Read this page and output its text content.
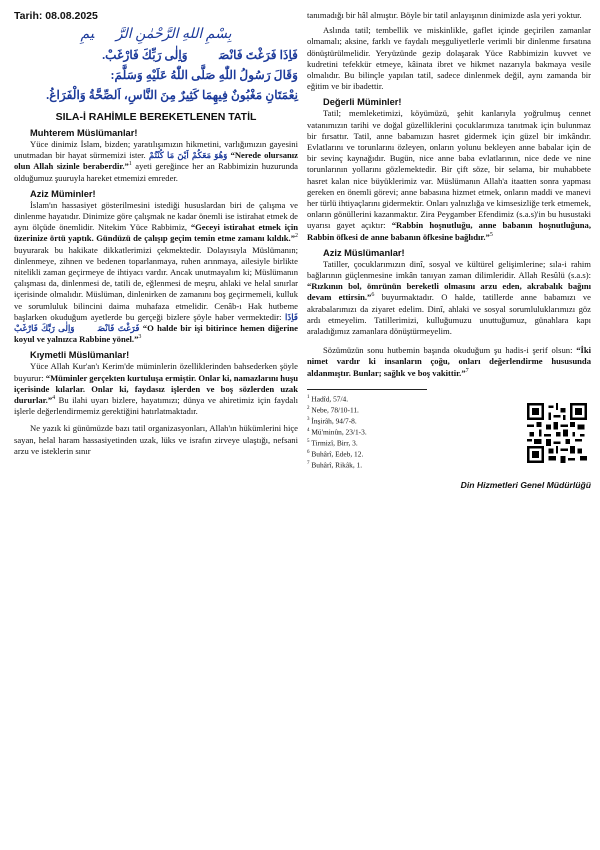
Tarih: 08.08.2025
بِسْمِ اللهِ الرَّحْمٰنِ الرَّح۪يمِ

فَاِذَا فَرَغْتَ فَانْصَبْۙ وَاِلٰى رَبِّكَ فَارْغَبْ.

وَقَالَ رَسُولُ اللّٰهِ صَلَّى اللّٰهُ عَلَيْهِ وَسَلَّمَ:

نِعْمَتَانِ مَغْبُونٌ فِيهِمَا كَثِيرٌ مِنَ النَّاسِ، اَلصِّحَّةُ وَالْفَرَاغُ.

SILA-İ RAHİMLE BEREKETLENEN TATİL
Muhterem Müslümanlar!

Yüce dinimiz İslam, bizden; yaratılışımızın hikmetini, varlığımızın gayesini unutmadan bir hayat sürmemizi ister. وَهُوَ مَعَكُمْ اَيْنَ مَا كُنْتُمْ “Nerede olursanız olun Allah sizinle beraberdir.”$^1$ ayeti gereğince her an Rabbimizin huzurunda olduğumuz şuuruyla hareket etmemizi emreder.

Aziz Müminler!

İslam'ın hassasiyet gösterilmesini istediği hususlardan biri de çalışma ve dinlenme hayatıdır. Dinimize göre çalışmak ne kadar önemli ise istirahat etmek de aynı ölçüde önemlidir. Nitekim Yüce Rabbimiz, “Geceyi istirahat etmek için üzerinize örtü yaptık. Gündüzü de çalışıp geçim temin etme zamanı kıldık.”$^2$ buyurarak bu hakikate dikkatlerimizi çekmektedir. Dolayısıyla Müslümanın; dinlenmeye, zihnen ve bedenen toparlanmaya, ruhen arınmaya, ailesiyle birlikte nitelikli zaman geçirmeye de ihtiyacı vardır. Ancak unutmayalım ki; Müslümanın çalışması da, dinlenmesi de, tatili de, eğlenmesi de meşru, ahlaki ve helal sınırlar içerisinde olmalıdır. Müslüman, dinlenirken de zamanını boş geçirmemeli, kulluk ve sorumluluk bilincini daima muhafaza etmelidir. Cenâb-ı Hak hutbeme başlarken okuduğum ayetlerde bu gerçeği bizlere şöyle haber vermektedir: فَاِذَا فَرَغْتَ فَانْصَبْۙ وَاِلٰى رَبِّكَ فَارْغَبْ “O halde bir işi bitirince hemen diğerine koyul ve yalnızca Rabbine yönel.”$^3$

Kıymetli Müslümanlar!

Yüce Allah Kur'an'ı Kerim'de müminlerin özelliklerinden bahsederken şöyle buyurur: “Müminler gerçekten kurtuluşa ermiştir. Onlar ki, namazlarını huşu içerisinde kılarlar. Onlar ki, faydasız işlerden ve boş sözlerden uzak dururlar.”$^4$ Bu ilahi uyarı bizlere, hayatımızı; dünya ve ahiretimiz için faydalı işlerle değerlendirmemiz gerektiğini hatırlatmaktadır.

Ne yazık ki günümüzde bazı tatil organizasyonları, Allah'ın hükümlerini hiçe sayan, helal haram hassasiyetinden uzak, lüks ve israfın zirveye ulaştığı, nefsani arzu ve isteklerin sınır

tanımadığı bir hâl almıştır. Böyle bir tatil anlayışının dinimizde asla yeri yoktur.

Aslında tatil; tembellik ve miskinlikle, gaflet içinde geçirilen zamanlar olmamalı; aksine, farklı ve faydalı meşguliyetlerle verimli bir dinlenme fırsatına dönüştürülmelidir. Yeryüzünde gezip dolaşarak Yüce Rabbimizin kuvvet ve kudretini tefekkür etmeye, kâinata ibret ve hikmet nazarıyla bakmaya vesile olmalıdır. Bu bilinçle yapılan tatil, sadece dinlenmek değil, aynı zamanda bir eğitim ve bir ibadettir.

Değerli Müminler!

Tatil; memleketimizi, köyümüzü, şehit kanlarıyla yoğrulmuş cennet vatanımızın tarihi ve doğal güzelliklerini çocuklarımıza tanıtmak için bulunmaz bir fırsattır. Tatil, anne babamızın hasret gidermek için güzel bir imkândır. Evlatlarını ve torunlarını özleyen, onların yolunu bekleyen anne babalar için de bir sevinç kaynağıdır. Bugün, nice anne baba evlatlarının, nice dede ve nine torunlarının yollarını gözlemektedir. Bir çift söze, bir selama, bir muhabbete hasret kalan nice büyüklerimiz var. Müslümanın Allah'a itaatten sonra yapması gereken en önemli görevi; anne babasına hizmet etmek, onların maddi ve manevi her türlü ihtiyaçlarını gidermektir. Onları yalnızlığa ve kimsesizliğe terk etmemek, onların gönüllerini kazanmaktır. Zira Peygamber Efendimiz (s.a.s)'in bu husustaki uyarısı gayet açıktır: “Rabbin hoşnutluğu, anne babanın hoşnutluğuna, Rabbin öfkesi de anne babanın öfkesine bağlıdır.”$^5$

Aziz Müslümanlar!

Tatiller, çocuklarımızın dinî, sosyal ve kültürel gelişimlerine; sıla-i rahim bağlarının güçlenmesine imkân tanıyan zaman dilimleridir. Allah Resûlü (s.a.s): “Rızkının bol, ömrünün bereketli olmasını arzu eden, akrabalık bağını devam ettirsin.”$^6$ buyurmaktadır. O halde, tatillerde anne babamızı ve akrabalarımızı da ziyaret edelim. Dinî, ahlaki ve sosyal sorumluluklarımızı göz ardı etmeyelim. Tatillerimizi, kulluğumuzu unuttuğumuz, günahlara kapı araladığımız zamanlara dönüştürmeyelim.

Sözümüzün sonu hutbemin başında okuduğum şu hadis-i şerif olsun: “İki nimet vardır ki insanların çoğu, onları değerlendirme hususunda aldanmıştır. Bunlar; sağlık ve boş vakittir.”$^7$

$^1$ Hadîd, 57/4.

$^2$ Nebe, 78/10-11.

$^3$ İnşirâh, 94/7-8.

$^4$ Mü'minûn, 23/1-3.

$^5$ Tirmizî, Birr, 3.

$^6$ Buhârî, Edeb, 12.

$^7$ Buhârî, Rikâk, 1.

Din Hizmetleri Genel Müdürlüğü
